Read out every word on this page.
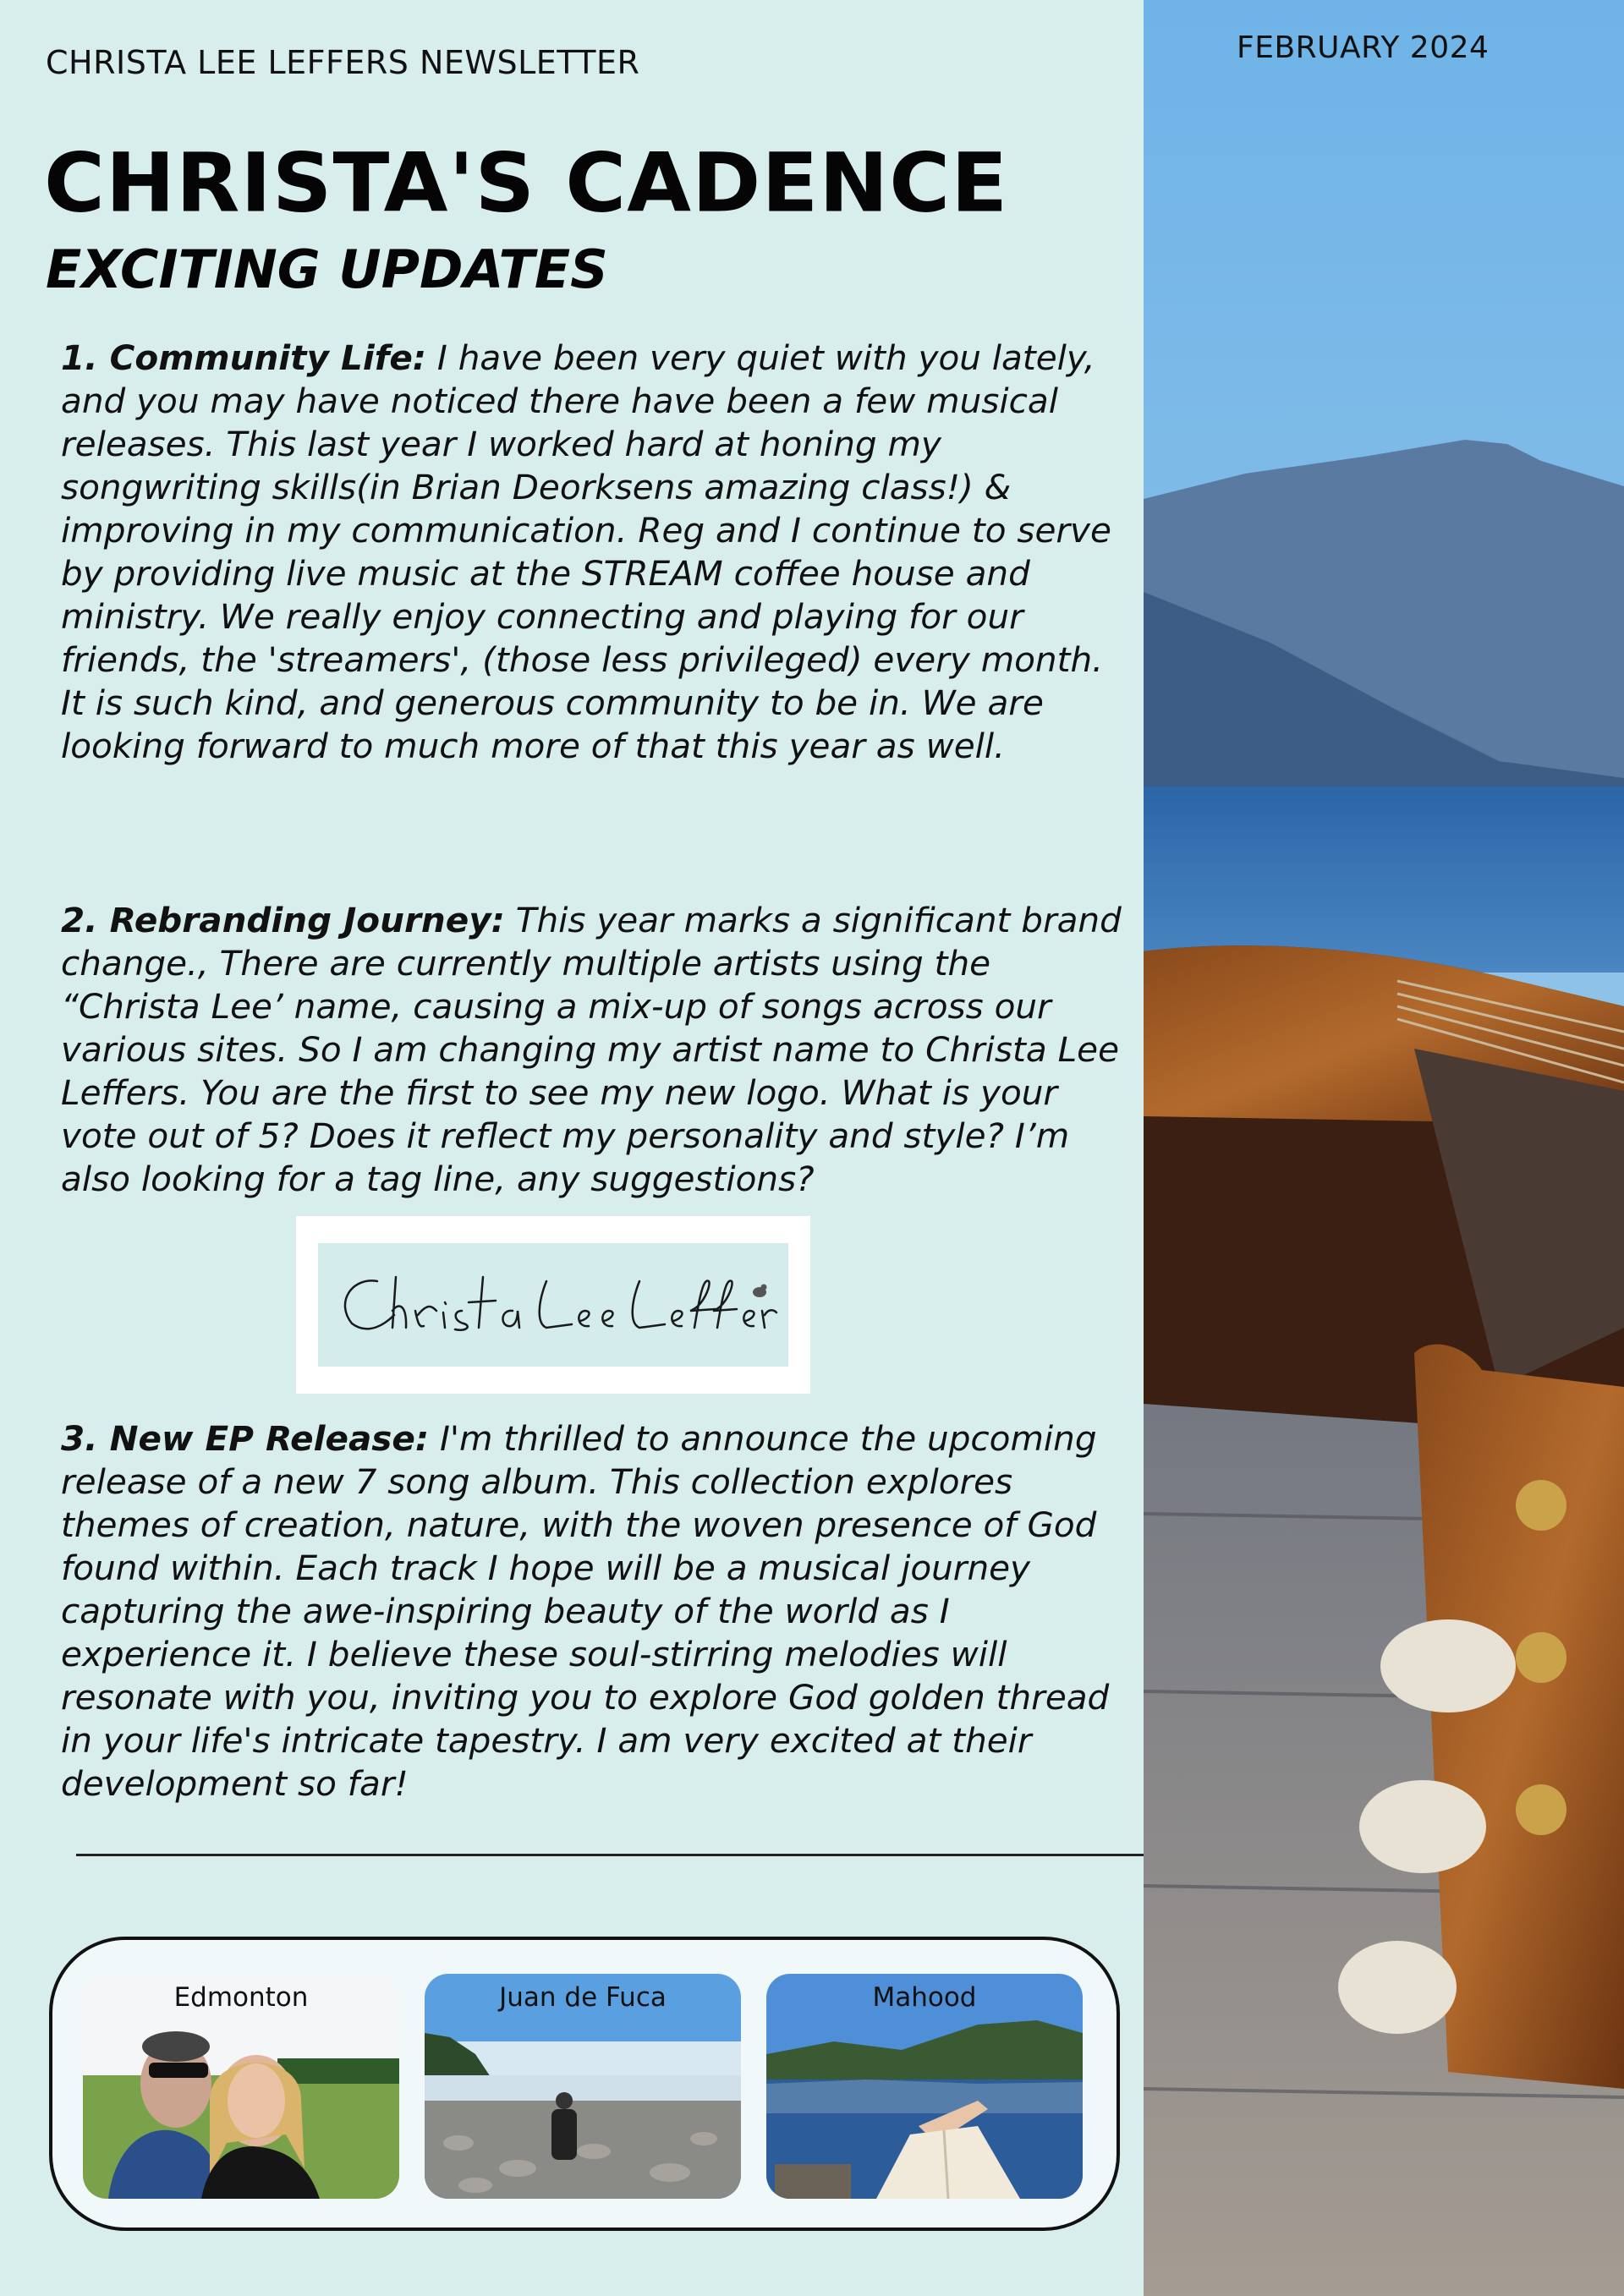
CHRISTA LEE LEFFERS NEWSLETTER	FEBRUARY 2024
CHRISTA'S CADENCE
EXCITING UPDATES
1. Community Life: I have been very quiet with you lately, and you may have noticed there have been a few musical releases. This last year I worked hard at honing my songwriting skills(in Brian Deorksens amazing class!) & improving in my communication. Reg and I continue to serve by providing live music at the STREAM coffee house and ministry. We really enjoy connecting and playing for our friends, the 'streamers', (those less privileged) every month. It is such kind, and generous community to be in. We are looking forward to much more of that this year as well.
2. Rebranding Journey: This year marks a significant brand change., There are currently multiple artists using the “Christa Lee’ name, causing a mix-up of songs across our various sites. So I am changing my artist name to Christa Lee Leffers. You are the first to see my new logo. What is your vote out of 5? Does it reflect my personality and style? I’m also looking for a tag line, any suggestions?
3. New EP Release: I'm thrilled to announce the upcoming release of a new 7 song album. This collection explores themes of creation, nature, with the woven presence of God found within. Each track I hope will be a musical journey capturing the awe-inspiring beauty of the world as I experience it. I believe these soul-stirring melodies will resonate with you, inviting you to explore God golden thread in your life's intricate tapestry. I am very excited at their development so far!
Edmonton	Juan de Fuca	Mahood
